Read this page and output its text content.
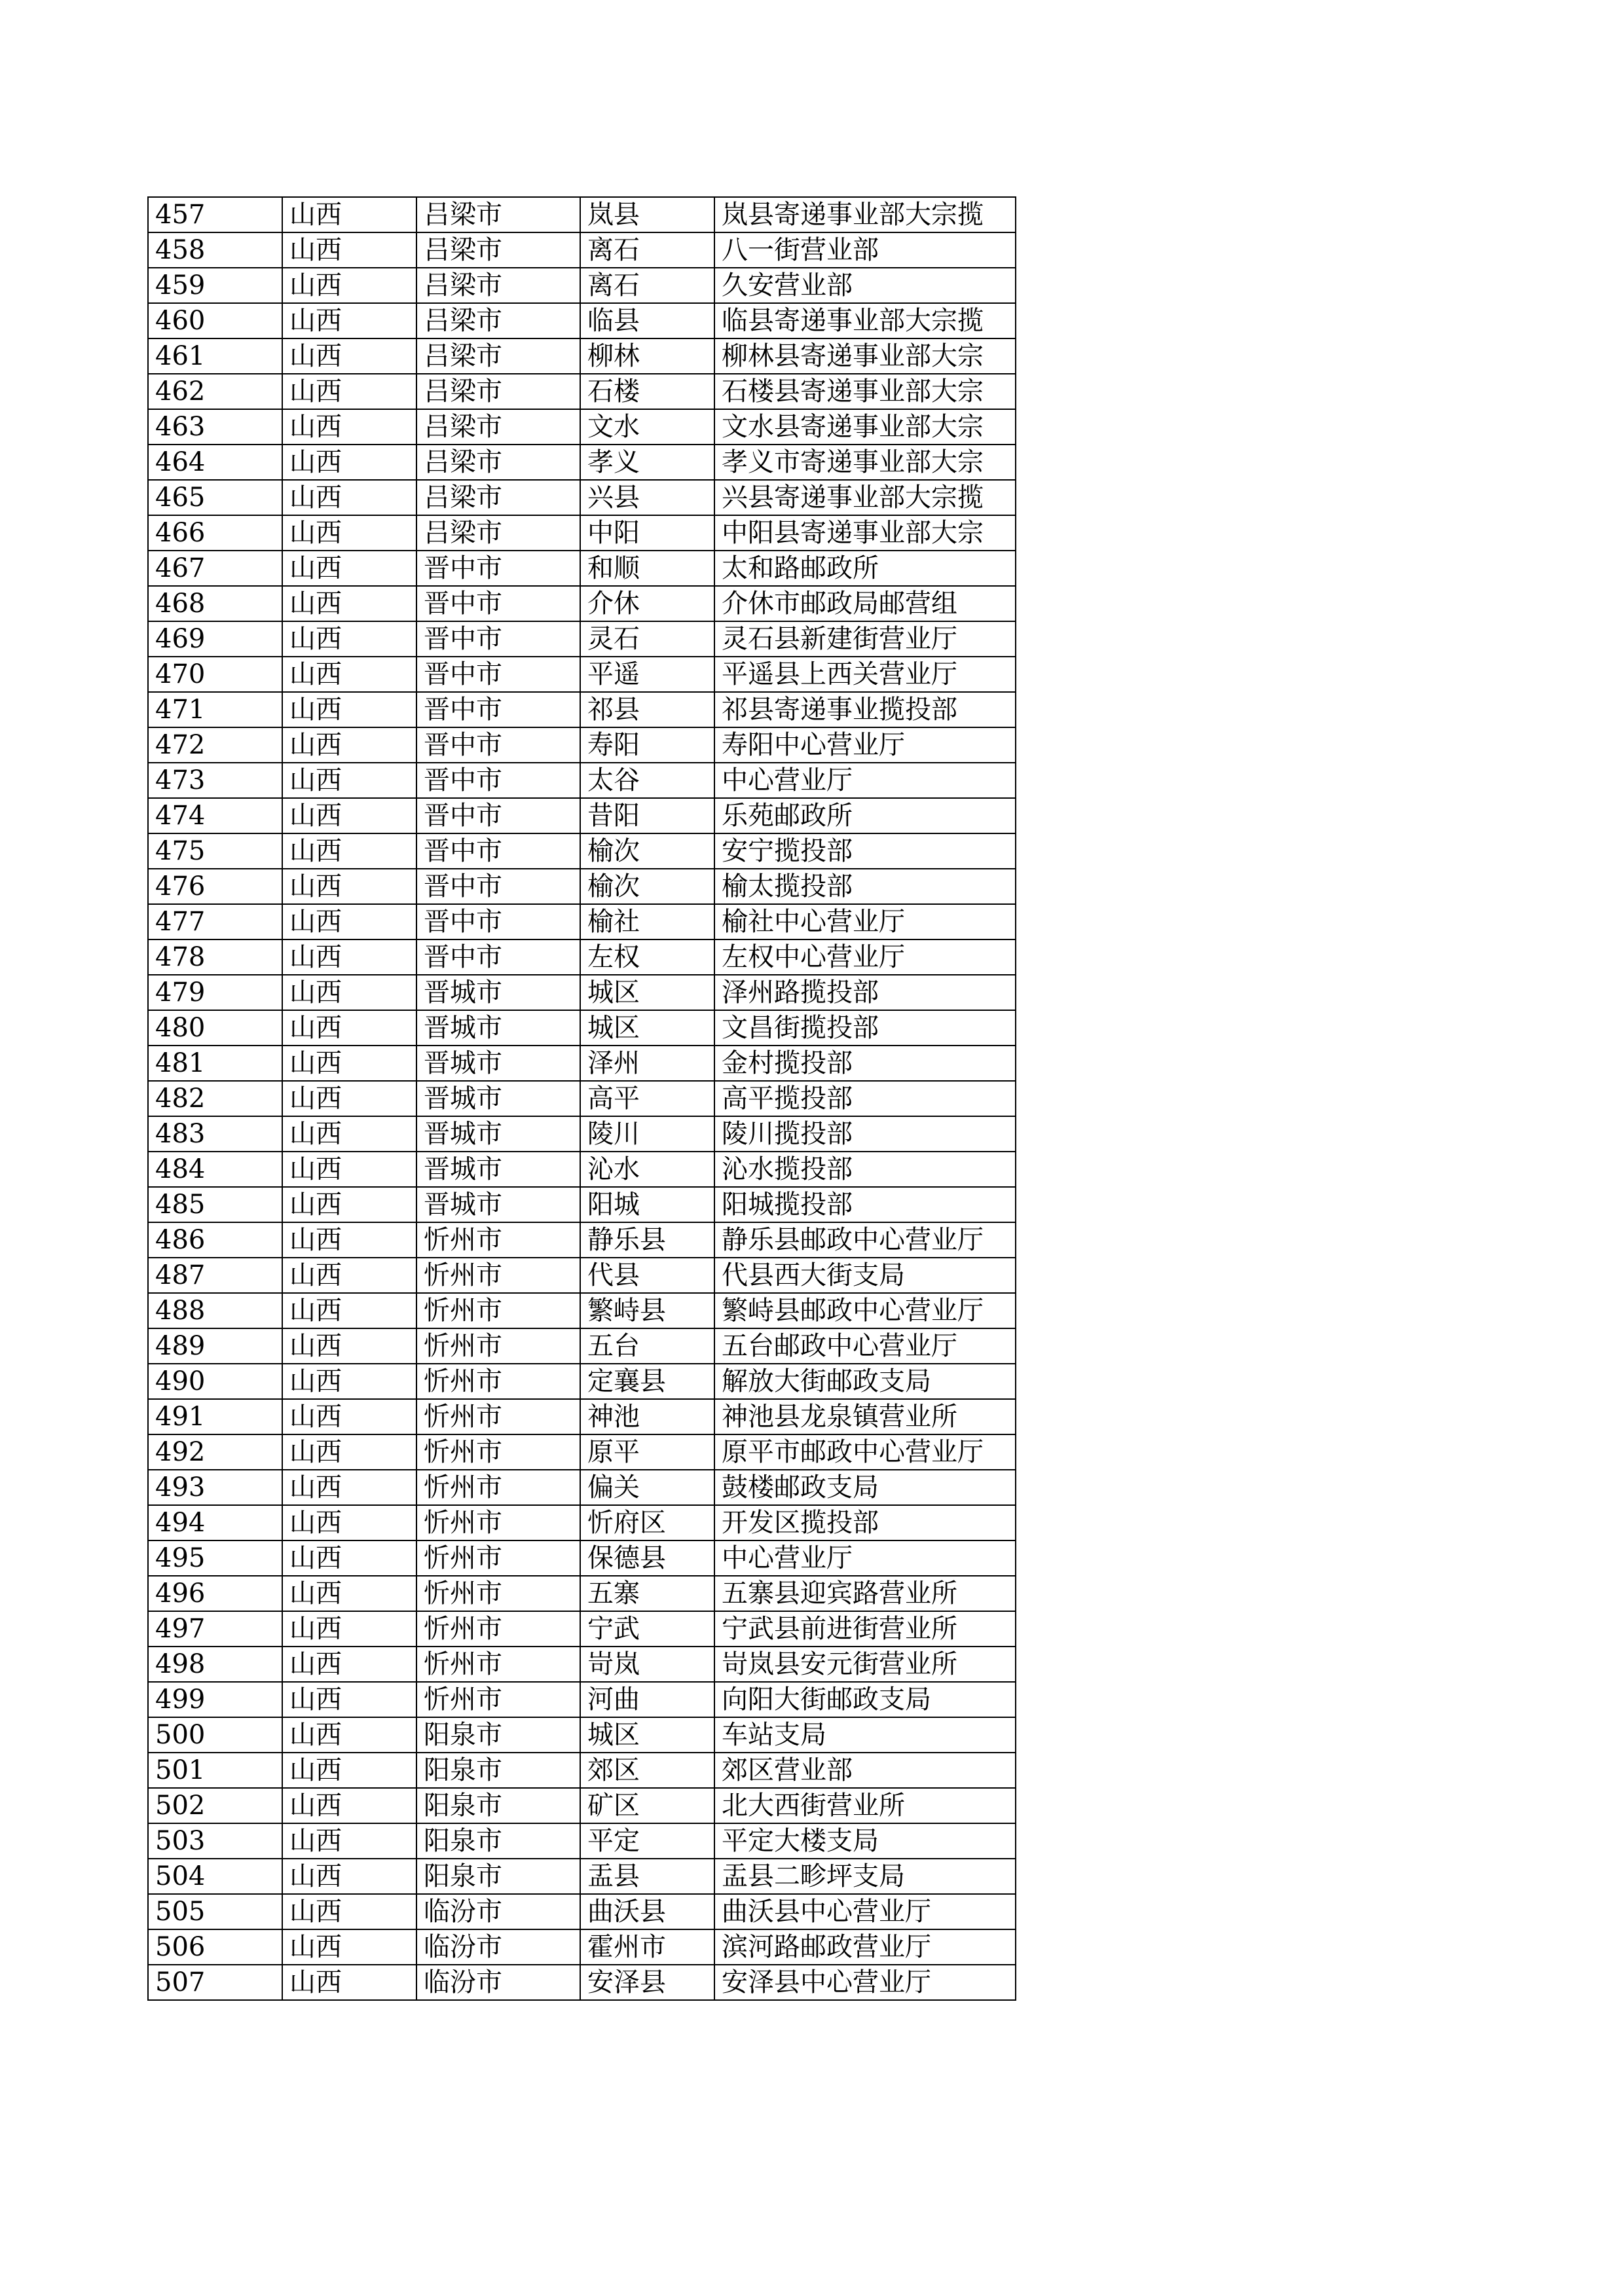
457	山西	吕梁市	岚县	岚县寄递事业部大宗揽
458	山西	吕梁市	离石	八一街营业部
459	山西	吕梁市	离石	久安营业部
460	山西	吕梁市	临县	临县寄递事业部大宗揽
461	山西	吕梁市	柳林	柳林县寄递事业部大宗
462	山西	吕梁市	石楼	石楼县寄递事业部大宗
463	山西	吕梁市	文水	文水县寄递事业部大宗
464	山西	吕梁市	孝义	孝义市寄递事业部大宗
465	山西	吕梁市	兴县	兴县寄递事业部大宗揽
466	山西	吕梁市	中阳	中阳县寄递事业部大宗
467	山西	晋中市	和顺	太和路邮政所
468	山西	晋中市	介休	介休市邮政局邮营组
469	山西	晋中市	灵石	灵石县新建街营业厅
470	山西	晋中市	平遥	平遥县上西关营业厅
471	山西	晋中市	祁县	祁县寄递事业揽投部
472	山西	晋中市	寿阳	寿阳中心营业厅
473	山西	晋中市	太谷	中心营业厅
474	山西	晋中市	昔阳	乐苑邮政所
475	山西	晋中市	榆次	安宁揽投部
476	山西	晋中市	榆次	榆太揽投部
477	山西	晋中市	榆社	榆社中心营业厅
478	山西	晋中市	左权	左权中心营业厅
479	山西	晋城市	城区	泽州路揽投部
480	山西	晋城市	城区	文昌街揽投部
481	山西	晋城市	泽州	金村揽投部
482	山西	晋城市	高平	高平揽投部
483	山西	晋城市	陵川	陵川揽投部
484	山西	晋城市	沁水	沁水揽投部
485	山西	晋城市	阳城	阳城揽投部
486	山西	忻州市	静乐县	静乐县邮政中心营业厅
487	山西	忻州市	代县	代县西大街支局
488	山西	忻州市	繁峙县	繁峙县邮政中心营业厅
489	山西	忻州市	五台	五台邮政中心营业厅
490	山西	忻州市	定襄县	解放大街邮政支局
491	山西	忻州市	神池	神池县龙泉镇营业所
492	山西	忻州市	原平	原平市邮政中心营业厅
493	山西	忻州市	偏关	鼓楼邮政支局
494	山西	忻州市	忻府区	开发区揽投部
495	山西	忻州市	保德县	中心营业厅
496	山西	忻州市	五寨	五寨县迎宾路营业所
497	山西	忻州市	宁武	宁武县前进街营业所
498	山西	忻州市	岢岚	岢岚县安元街营业所
499	山西	忻州市	河曲	向阳大街邮政支局
500	山西	阳泉市	城区	车站支局
501	山西	阳泉市	郊区	郊区营业部
502	山西	阳泉市	矿区	北大西街营业所
503	山西	阳泉市	平定	平定大楼支局
504	山西	阳泉市	盂县	盂县二畛坪支局
505	山西	临汾市	曲沃县	曲沃县中心营业厅
506	山西	临汾市	霍州市	滨河路邮政营业厅
507	山西	临汾市	安泽县	安泽县中心营业厅
